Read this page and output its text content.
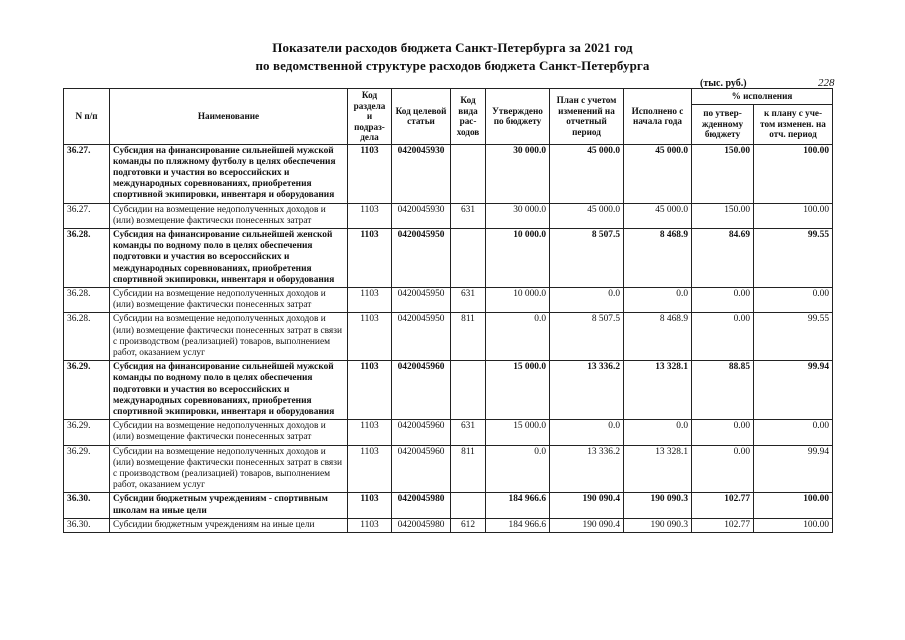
Показатели расходов бюджета Санкт-Петербурга за 2021 год
по ведомственной структуре расходов бюджета Санкт-Петербурга
(тыс. руб.)	228
N п/п	Наименование	Код раздела и подраз-дела	Код целевой статьи	Код вида рас-ходов	Утверждено по бюджету	План с учетом изменений на отчетный период	Исполнено с начала года	% исполнения	
								по утвер-жденному бюджету	к плану с уче-том изменен. на отч. период
36.27.	Субсидия на финансирование сильнейшей мужской команды по пляжному футболу в целях обеспечения подготовки и участия во всероссийских и международных соревнованиях, приобретения спортивной экипировки, инвентаря и оборудования	1103	0420045930		30 000.0	45 000.0	45 000.0	150.00	100.00
36.27.	Субсидии на возмещение недополученных доходов и (или) возмещение фактически понесенных затрат	1103	0420045930	631	30 000.0	45 000.0	45 000.0	150.00	100.00
36.28.	Субсидия на финансирование сильнейшей женской команды по водному поло в целях обеспечения подготовки и участия во всероссийских и международных соревнованиях, приобретения спортивной экипировки, инвентаря и оборудования	1103	0420045950		10 000.0	8 507.5	8 468.9	84.69	99.55
36.28.	Субсидии на возмещение недополученных доходов и (или) возмещение фактически понесенных затрат	1103	0420045950	631	10 000.0	0.0	0.0	0.00	0.00
36.28.	Субсидии на возмещение недополученных доходов и (или) возмещение фактически понесенных затрат в связи с производством (реализацией) товаров, выполнением работ, оказанием услуг	1103	0420045950	811	0.0	8 507.5	8 468.9	0.00	99.55
36.29.	Субсидия на финансирование сильнейшей мужской команды по водному поло в целях обеспечения подготовки и участия во всероссийских и международных соревнованиях, приобретения спортивной экипировки, инвентаря и оборудования	1103	0420045960		15 000.0	13 336.2	13 328.1	88.85	99.94
36.29.	Субсидии на возмещение недополученных доходов и (или) возмещение фактически понесенных затрат	1103	0420045960	631	15 000.0	0.0	0.0	0.00	0.00
36.29.	Субсидии на возмещение недополученных доходов и (или) возмещение фактически понесенных затрат в связи с производством (реализацией) товаров, выполнением работ, оказанием услуг	1103	0420045960	811	0.0	13 336.2	13 328.1	0.00	99.94
36.30.	Субсидии бюджетным учреждениям - спортивным школам на иные цели	1103	0420045980		184 966.6	190 090.4	190 090.3	102.77	100.00
36.30.	Субсидии бюджетным учреждениям на иные цели	1103	0420045980	612	184 966.6	190 090.4	190 090.3	102.77	100.00
